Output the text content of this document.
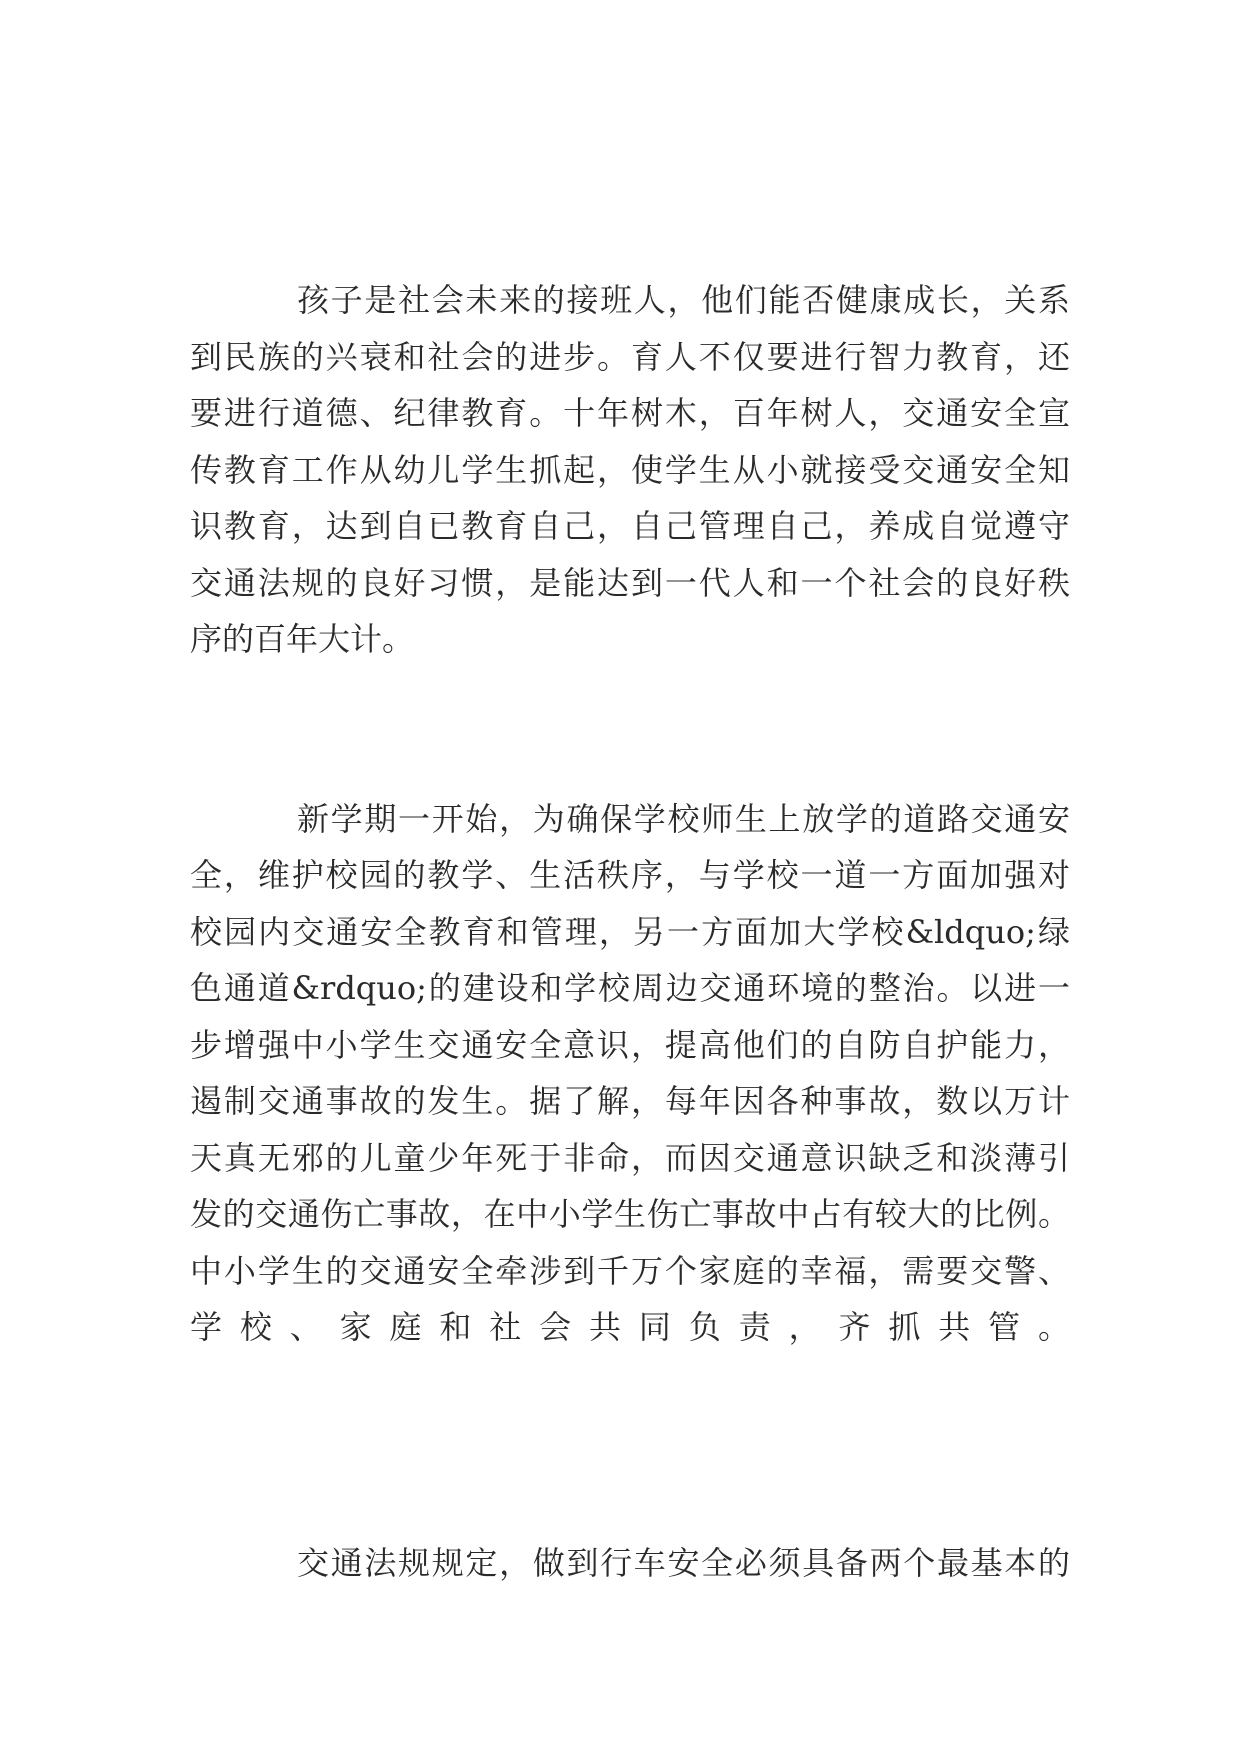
孩子是社会未来的接班人，他们能否健康成长，关系
到民族的兴衰和社会的进步。育人不仅要进行智力教育，还
要进行道德、纪律教育。十年树木，百年树人，交通安全宣
传教育工作从幼儿学生抓起，使学生从小就接受交通安全知
识教育，达到自已教育自己，自己管理自己，养成自觉遵守
交通法规的良好习惯，是能达到一代人和一个社会的良好秩
序的百年大计。
新学期一开始，为确保学校师生上放学的道路交通安
全，维护校园的教学、生活秩序，与学校一道一方面加强对
校园内交通安全教育和管理，另一方面加大学校&ldquo;绿
色通道&rdquo;的建设和学校周边交通环境的整治。以进一
步增强中小学生交通安全意识，提高他们的自防自护能力，
遏制交通事故的发生。据了解，每年因各种事故，数以万计
天真无邪的儿童少年死于非命，而因交通意识缺乏和淡薄引
发的交通伤亡事故，在中小学生伤亡事故中占有较大的比例。
中小学生的交通安全牵涉到千万个家庭的幸福，需要交警、
学校、家庭和社会共同负责，齐抓共管。
交通法规规定，做到行车安全必须具备两个最基本的
